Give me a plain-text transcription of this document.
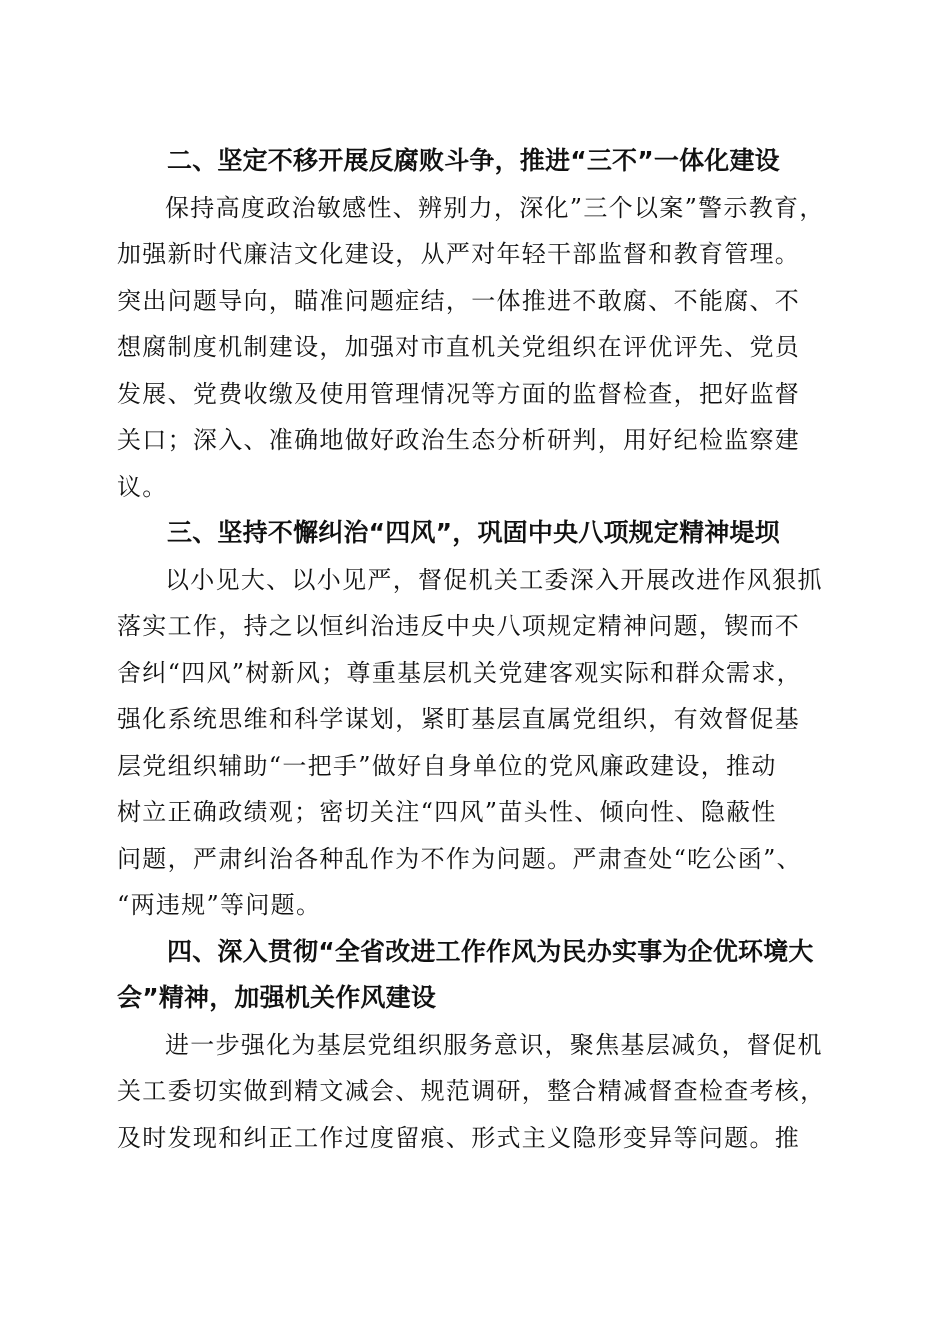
二、坚定不移开展反腐败斗争，推进“三不”一体化建设
保持高度政治敏感性、辨别力，深化”三个以案”警示教育，
加强新时代廉洁文化建设，从严对年轻干部监督和教育管理。
突出问题导向，瞄准问题症结，一体推进不敢腐、不能腐、不
想腐制度机制建设，加强对市直机关党组织在评优评先、党员
发展、党费收缴及使用管理情况等方面的监督检查，把好监督
关口；深入、准确地做好政治生态分析研判，用好纪检监察建
议。
三、坚持不懈纠治“四风”，巩固中央八项规定精神堤坝
以小见大、以小见严，督促机关工委深入开展改进作风狠抓
落实工作，持之以恒纠治违反中央八项规定精神问题，锲而不
舍纠“四风”树新风；尊重基层机关党建客观实际和群众需求，
强化系统思维和科学谋划，紧盯基层直属党组织，有效督促基
层党组织辅助“一把手”做好自身单位的党风廉政建设，推动
树立正确政绩观；密切关注“四风”苗头性、倾向性、隐蔽性
问题，严肃纠治各种乱作为不作为问题。严肃查处“吃公函”、
“两违规”等问题。
四、深入贯彻“全省改进工作作风为民办实事为企优环境大
会”精神，加强机关作风建设
进一步强化为基层党组织服务意识，聚焦基层减负，督促机
关工委切实做到精文减会、规范调研，整合精减督查检查考核，
及时发现和纠正工作过度留痕、形式主义隐形变异等问题。推
